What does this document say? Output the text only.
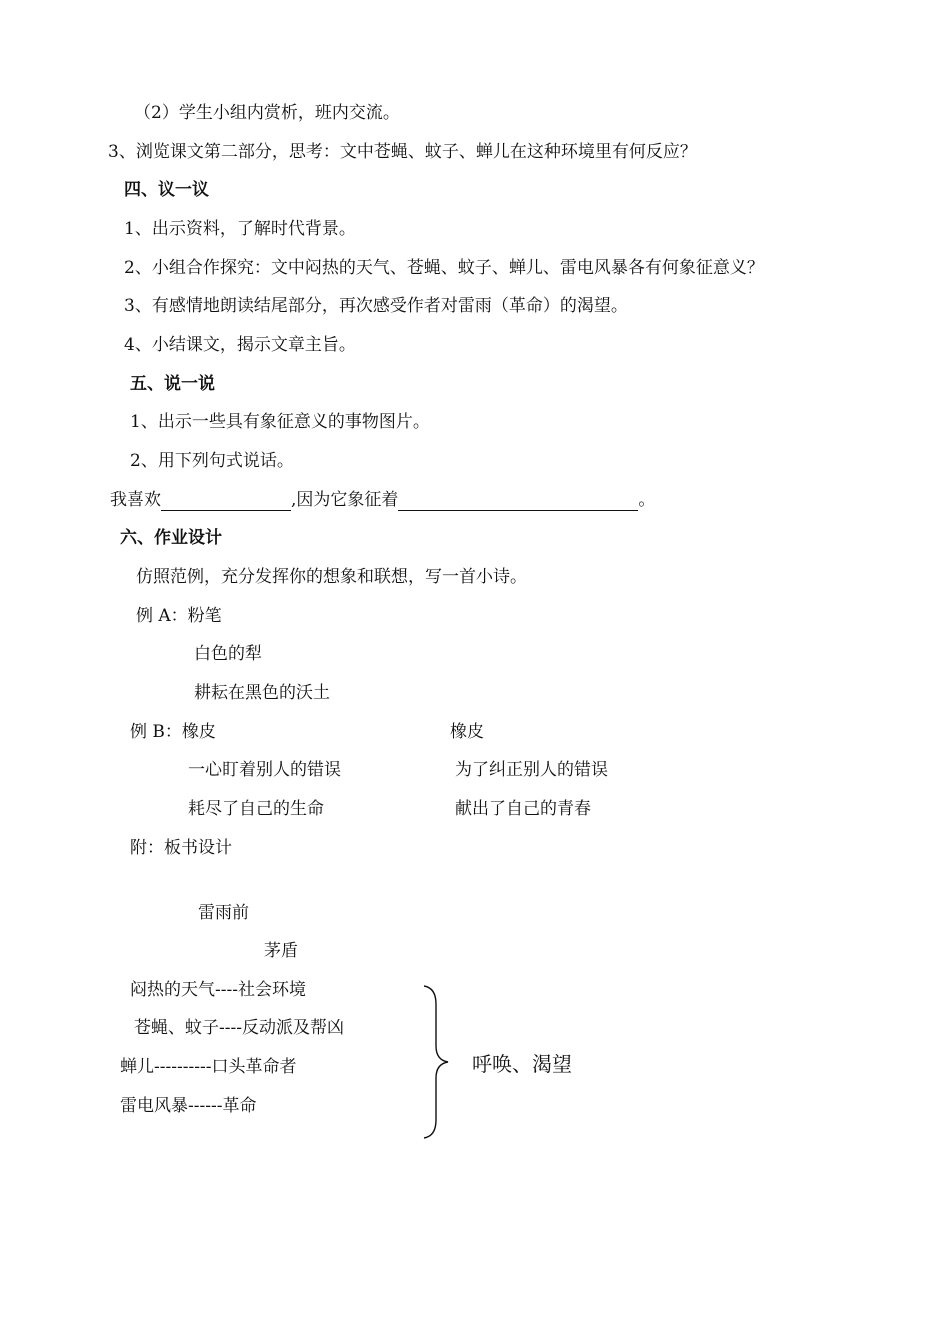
（2）学生小组内赏析，班内交流。
3、浏览课文第二部分，思考：文中苍蝇、蚊子、蝉儿在这种环境里有何反应？
四、议一议
1、出示资料，了解时代背景。
2、小组合作探究：文中闷热的天气、苍蝇、蚊子、蝉儿、雷电风暴各有何象征意义？
3、有感情地朗读结尾部分，再次感受作者对雷雨（革命）的渴望。
4、小结课文，揭示文章主旨。
五、说一说
1、出示一些具有象征意义的事物图片。
2、用下列句式说话。
我喜欢	,因为它象征着	。
六、作业设计
仿照范例，充分发挥你的想象和联想，写一首小诗。
例 A：粉笔
白色的犁
耕耘在黑色的沃土
例 B：橡皮	橡皮
一心盯着别人的错误	为了纠正别人的错误
耗尽了自己的生命	献出了自己的青春
附：板书设计
雷雨前
茅盾
闷热的天气----社会环境
苍蝇、蚊子----反动派及帮凶
蝉儿----------口头革命者
雷电风暴------革命
呼唤、渴望
